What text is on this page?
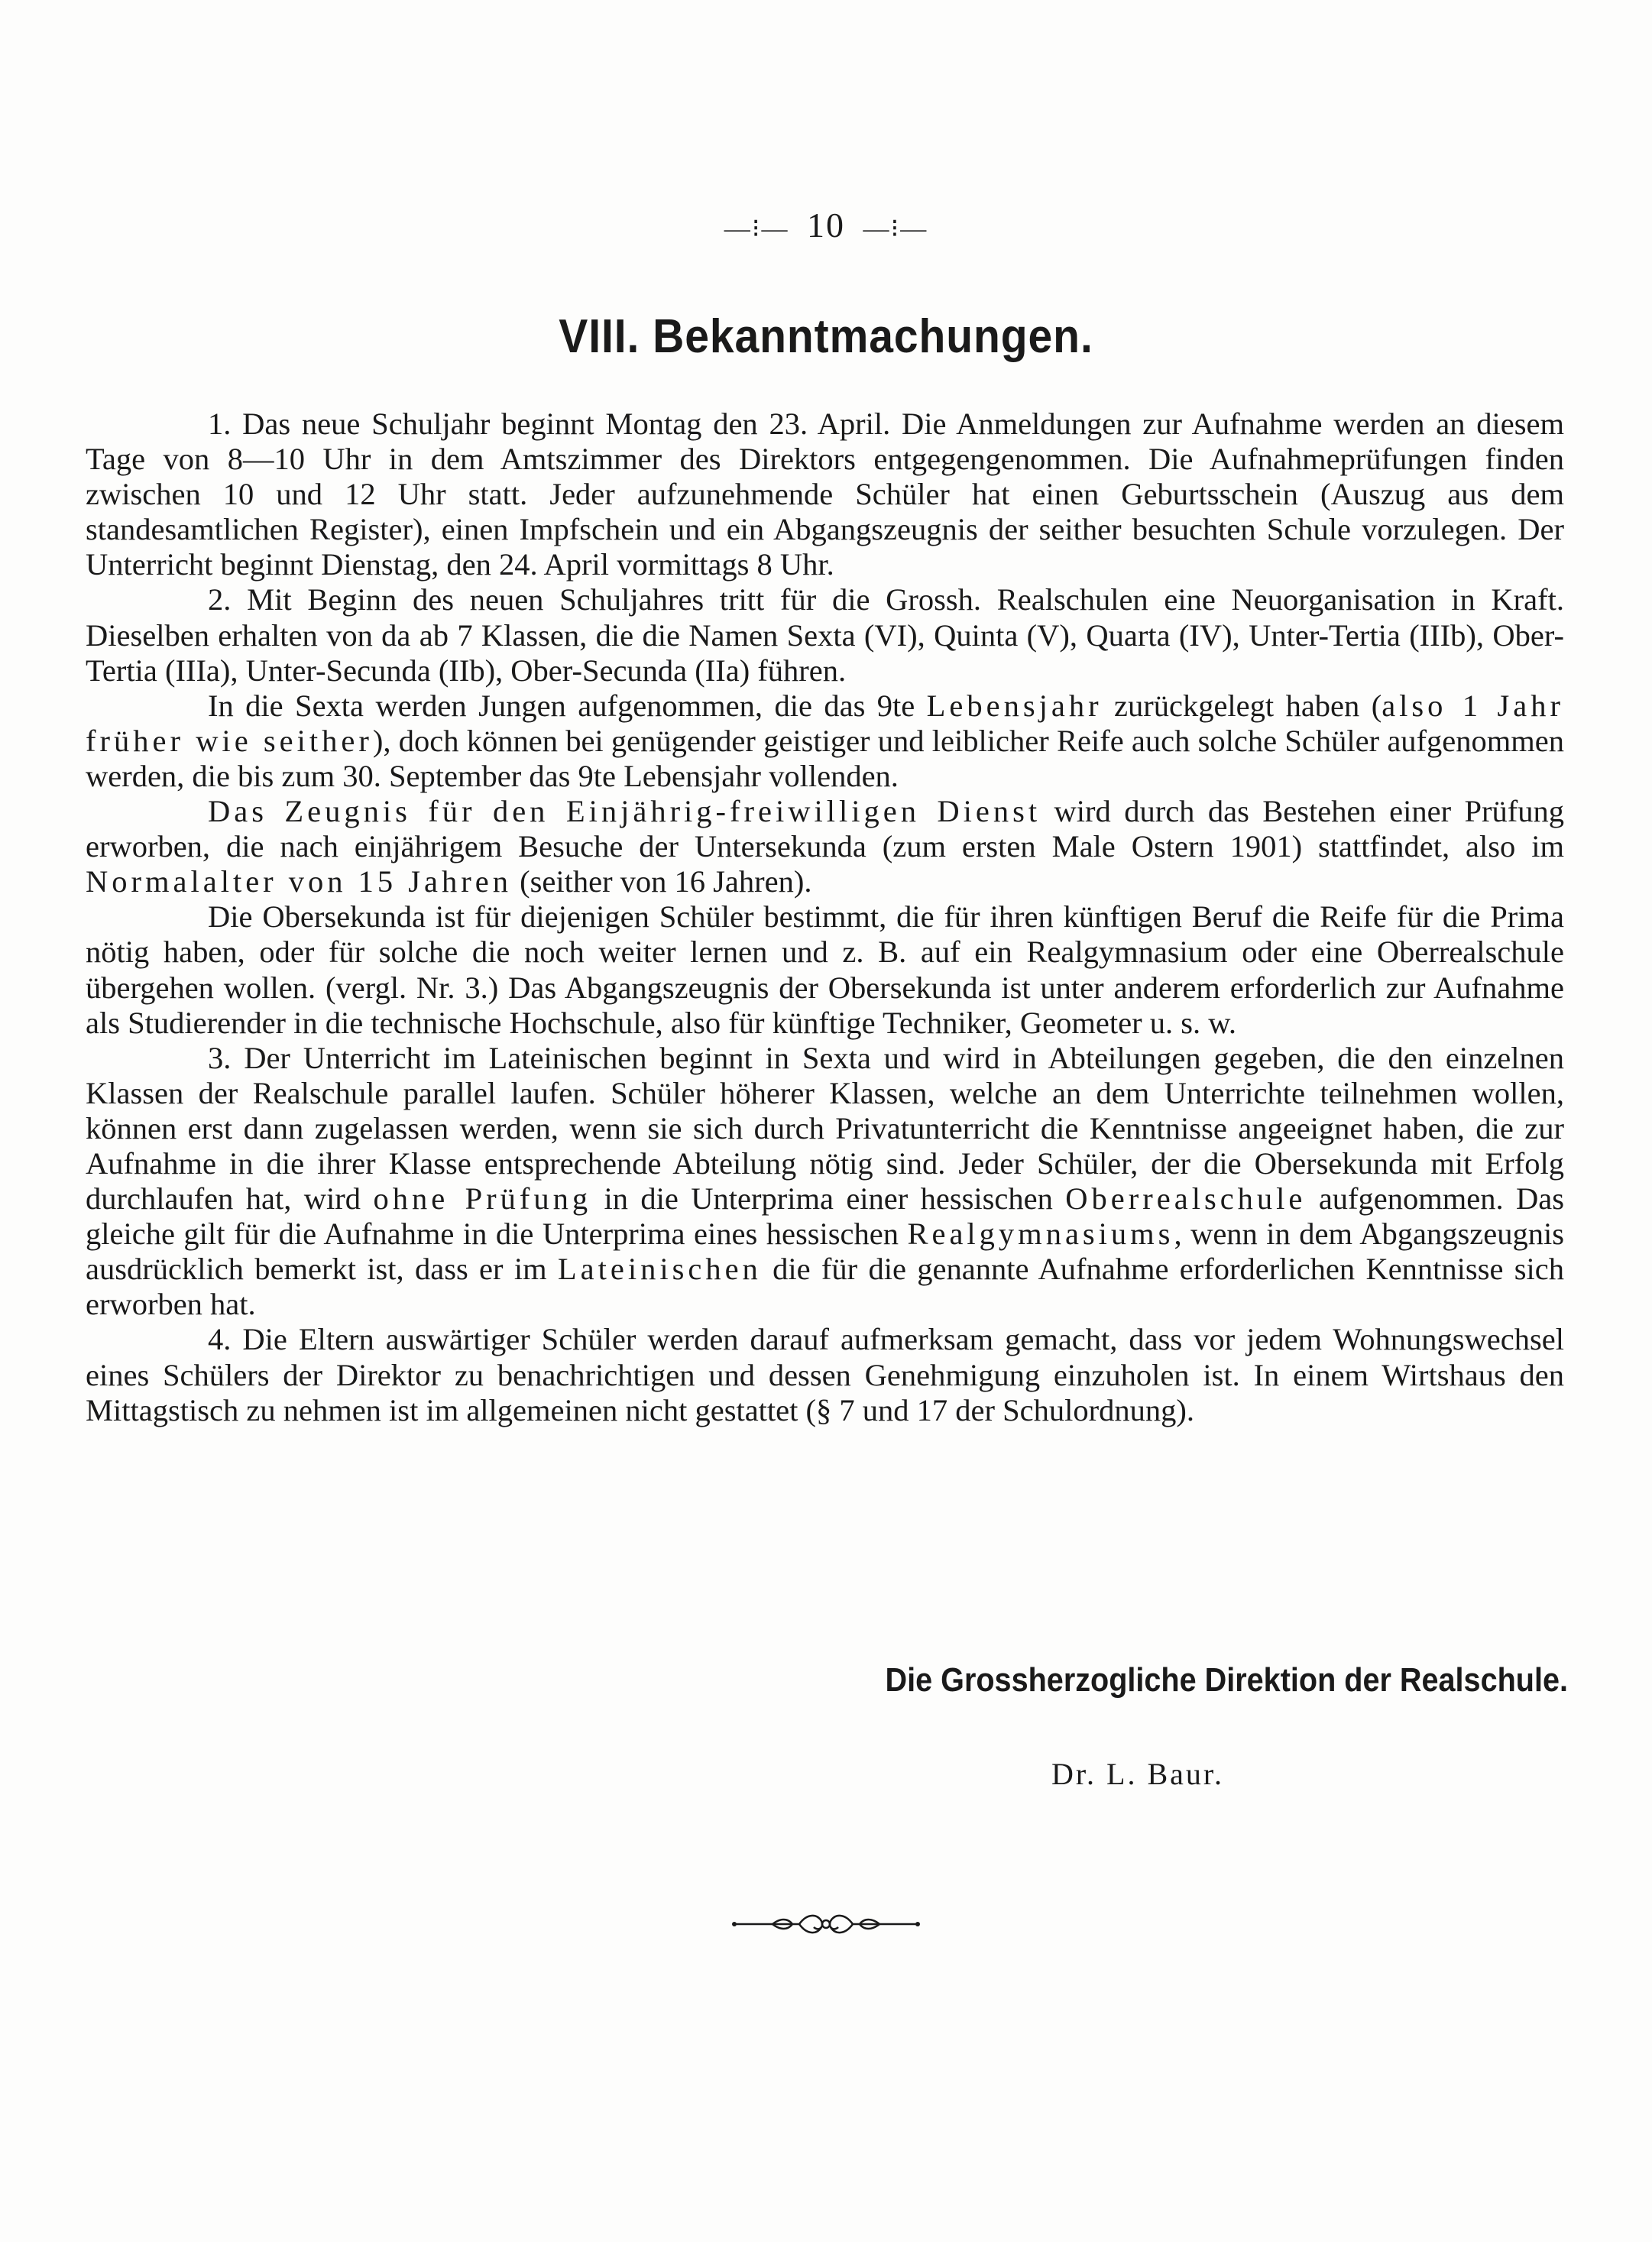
—⁝— 10 —⁝—
VIII. Bekanntmachungen.

1. Das neue Schuljahr beginnt Montag den 23. April. Die Anmeldungen zur Aufnahme werden an diesem Tage von 8—10 Uhr in dem Amtszimmer des Direktors entgegengenommen. Die Aufnahmeprüfungen finden zwischen 10 und 12 Uhr statt. Jeder aufzunehmende Schüler hat einen Geburtsschein (Auszug aus dem standesamtlichen Register), einen Impfschein und ein Abgangszeugnis der seither besuchten Schule vorzulegen. Der Unterricht beginnt Dienstag, den 24. April vormittags 8 Uhr.

2. Mit Beginn des neuen Schuljahres tritt für die Grossh. Realschulen eine Neuorganisation in Kraft. Dieselben erhalten von da ab 7 Klassen, die die Namen Sexta (VI), Quinta (V), Quarta (IV), Unter-Tertia (IIIb), Ober-Tertia (IIIa), Unter-Secunda (IIb), Ober-Secunda (IIa) führen.

In die Sexta werden Jungen aufgenommen, die das 9te Lebensjahr zurückgelegt haben (also 1 Jahr früher wie seither), doch können bei genügender geistiger und leiblicher Reife auch solche Schüler aufgenommen werden, die bis zum 30. September das 9te Lebensjahr vollenden.

Das Zeugnis für den Einjährig-freiwilligen Dienst wird durch das Bestehen einer Prüfung erworben, die nach einjährigem Besuche der Untersekunda (zum ersten Male Ostern 1901) stattfindet, also im Normalalter von 15 Jahren (seither von 16 Jahren).

Die Obersekunda ist für diejenigen Schüler bestimmt, die für ihren künftigen Beruf die Reife für die Prima nötig haben, oder für solche die noch weiter lernen und z. B. auf ein Realgymnasium oder eine Oberrealschule übergehen wollen. (vergl. Nr. 3.) Das Abgangszeugnis der Obersekunda ist unter anderem erforderlich zur Aufnahme als Studierender in die technische Hochschule, also für künftige Techniker, Geometer u. s. w.

3. Der Unterricht im Lateinischen beginnt in Sexta und wird in Abteilungen gegeben, die den einzelnen Klassen der Realschule parallel laufen. Schüler höherer Klassen, welche an dem Unterrichte teilnehmen wollen, können erst dann zugelassen werden, wenn sie sich durch Privatunterricht die Kenntnisse angeeignet haben, die zur Aufnahme in die ihrer Klasse entsprechende Abteilung nötig sind. Jeder Schüler, der die Obersekunda mit Erfolg durchlaufen hat, wird ohne Prüfung in die Unterprima einer hessischen Oberrealschule aufgenommen. Das gleiche gilt für die Aufnahme in die Unterprima eines hessischen Realgymnasiums, wenn in dem Abgangszeugnis ausdrücklich bemerkt ist, dass er im Lateinischen die für die genannte Aufnahme erforderlichen Kenntnisse sich erworben hat.

4. Die Eltern auswärtiger Schüler werden darauf aufmerksam gemacht, dass vor jedem Wohnungswechsel eines Schülers der Direktor zu benachrichtigen und dessen Genehmigung einzuholen ist. In einem Wirtshaus den Mittagstisch zu nehmen ist im allgemeinen nicht gestattet (§ 7 und 17 der Schulordnung).

Die Grossherzogliche Direktion der Realschule.
Dr. L. Baur.
